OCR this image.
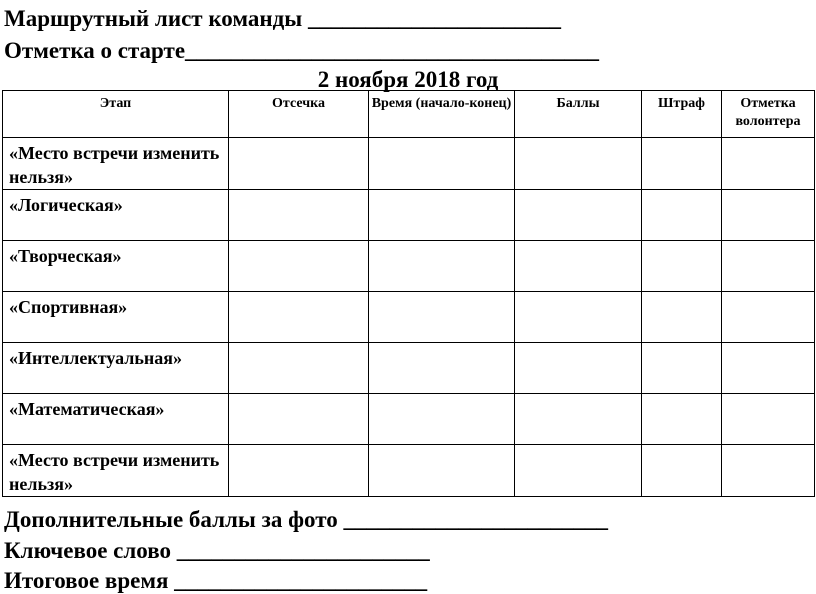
Маршрутный лист команды ______________________
Отметка о старте____________________________________
2 ноября 2018 год
Этап	Отсечка	Время (начало-конец)	Баллы	Штраф	Отметка волонтера
«Место встречи изменить нельзя»					
«Логическая»					
«Творческая»					
«Спортивная»					
«Интеллектуальная»					
«Математическая»					
«Место встречи изменить нельзя»					
Дополнительные баллы за фото _______________________
Ключевое слово ______________________
Итоговое время ______________________
